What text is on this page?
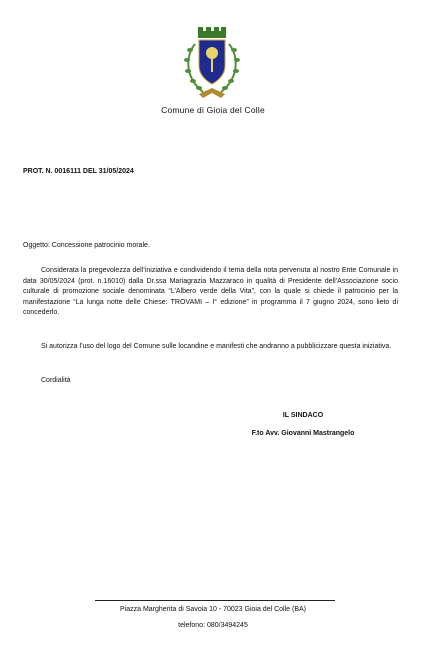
Comune di Gioia del Colle
PROT. N. 0016111 DEL 31/05/2024
Oggetto: Concessione patrocinio morale.
Considerata la pregevolezza dell’iniziativa e condividendo il tema della nota pervenuta al nostro Ente Comunale in data 30/05/2024 (prot. n.16010) dalla Dr.ssa Mariagrazia Mazzaraco in qualità di Presidente dell’Associazione socio culturale di promozione sociale denominata “L’Albero verde della Vita”, con la quale si chiede il patrocinio per la manifestazione “La lunga notte delle Chiese: TROVAMI – I° edizione” in programma il 7 giugno 2024, sono lieto di concederlo.
Si autorizza l’uso del logo del Comune sulle locandine e manifesti che andranno a pubblicizzare questa iniziativa.
Cordialità
IL SINDACO
F.to Avv. Giovanni Mastrangelo
Piazza Margherita di Savoia 10 - 70023 Gioia del Colle (BA)
telefono: 080/3494245
